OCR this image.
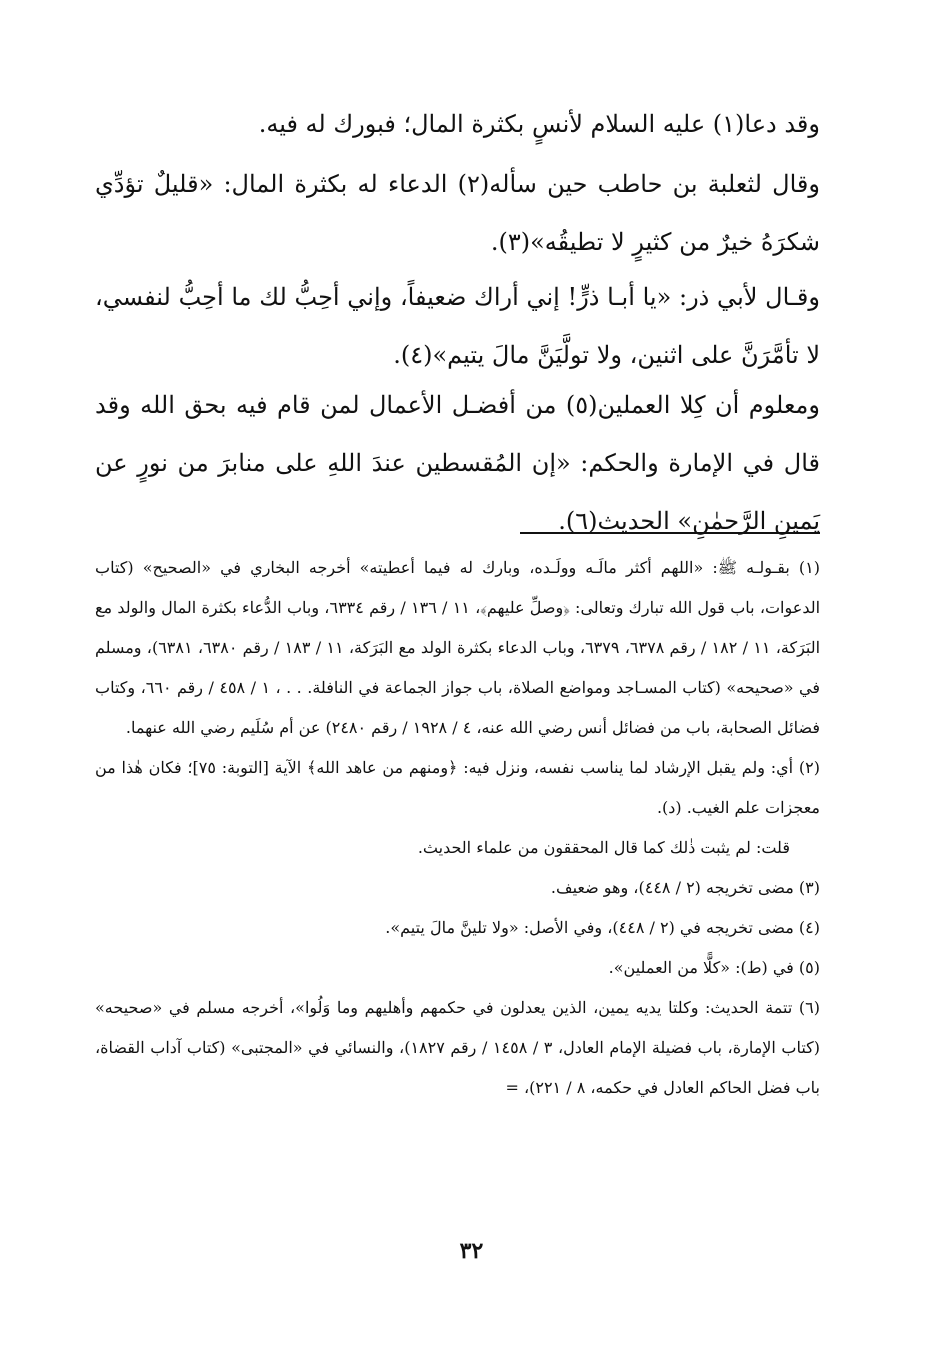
وقد دعا(١) عليه السلام لأنسٍ بكثرة المال؛ فبورك له فيه.

وقال لثعلبة بن حاطب حين سأله(٢) الدعاء له بكثرة المال: «قليلٌ تؤدِّي شكرَهُ خيرٌ من كثيرٍ لا تطيقُه»(٣).

وقـال لأبي ذر: «يا أبـا ذرٍّ! إني أراك ضعيفاً، وإني أحِبُّ لك ما أحِبُّ لنفسي، لا تأمَّرَنَّ على اثنين، ولا تولَّيَنَّ مالَ يتيم»(٤).

ومعلوم أن كِلا العملين(٥) من أفضـل الأعمال لمن قام فيه بحق الله وقد قال في الإمارة والحكم: «إن المُقسطين عندَ اللهِ على منابرَ من نورٍ عن يَمينِ الرَّحمٰنِ» الحديث(٦).

(١) بقـولـه ﷺ: «اللهم أكثر مالَـه وولَـده، وبارك له فيما أعطيته» أخرجه البخاري في «الصحيح» (كتاب الدعوات، باب قول الله تبارك وتعالى: ﴿وصلِّ عليهم﴾، ١١ / ١٣٦ / رقم ٦٣٣٤، وباب الدُّعاء بكثرة المال والولد مع البَرَكة، ١١ / ١٨٢ / رقم ٦٣٧٨، ٦٣٧٩، وباب الدعاء بكثرة الولد مع البَرَكة، ١١ / ١٨٣ / رقم ٦٣٨٠، ٦٣٨١)، ومسلم في «صحيحه» (كتاب المسـاجد ومواضع الصلاة، باب جواز الجماعة في النافلة. . . ، ١ / ٤٥٨ / رقم ٦٦٠، وكتاب فضائل الصحابة، باب من فضائل أنس رضي الله عنه، ٤ / ١٩٢٨ / رقم ٢٤٨٠) عن أم سُلَيم رضي الله عنهما.

(٢) أي: ولم يقبل الإرشاد لما يناسب نفسه، ونزل فيه: ﴿ومنهم من عاهد الله﴾ الآية [التوبة: ٧٥]؛ فكان هٰذا من معجزات علم الغيب. (د).

قلت: لم يثبت ذٰلك كما قال المحققون من علماء الحديث.

(٣) مضى تخريجه (٢ / ٤٤٨)، وهو ضعيف.

(٤) مضى تخريجه في (٢ / ٤٤٨)، وفي الأصل: «ولا تلينَّ مالَ يتيم».

(٥) في (ط): «كلًّا من العملين».

(٦) تتمة الحديث: وكلتا يديه يمين، الذين يعدلون في حكمهم وأهليهم وما وَلُوا»، أخرجه مسلم في «صحيحه» (كتاب الإمارة، باب فضيلة الإمام العادل، ٣ / ١٤٥٨ / رقم ١٨٢٧)، والنسائي في «المجتبى» (كتاب آداب القضاة، باب فضل الحاكم العادل في حكمه، ٨ / ٢٢١)، =

٣٢
